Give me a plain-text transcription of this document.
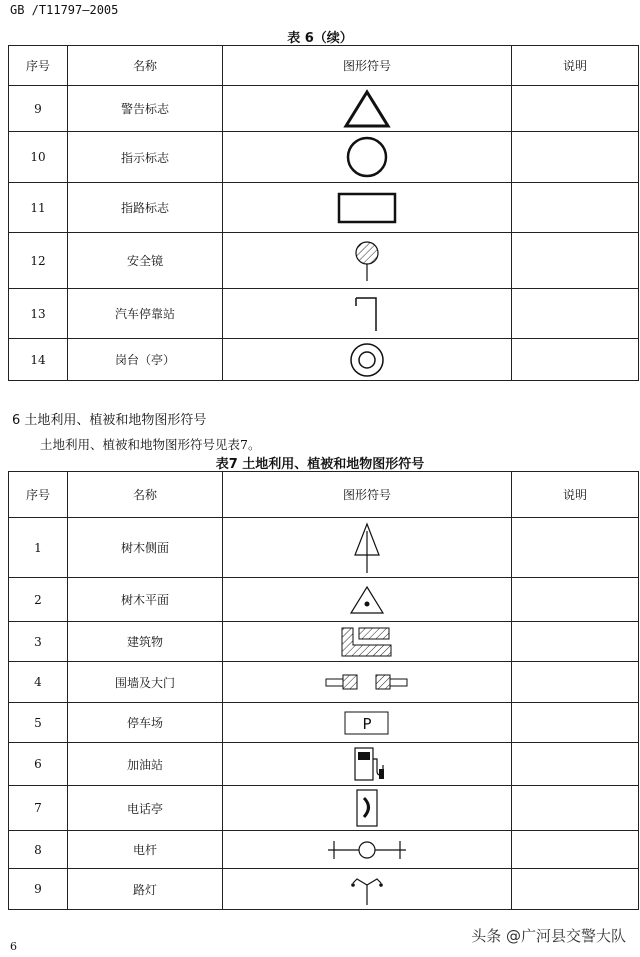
GB /T11797—2005
表 6（续）
序号	名称	图形符号	说明
9	警告标志	

10	指示标志	

11	指路标志	

12	安全镜	

13	汽车停靠站	

14	岗台（亭）	

6 土地利用、植被和地物图形符号
土地利用、植被和地物图形符号见表7。
表7 土地利用、植被和地物图形符号
序号	名称	图形符号	说明
1	树木侧面	

2	树木平面	

3	建筑物	

4	围墙及大门	

5	停车场	P	

6	加油站	

7	电话亭	

8	电杆	

9	路灯	

6
头条 @广河县交警大队
